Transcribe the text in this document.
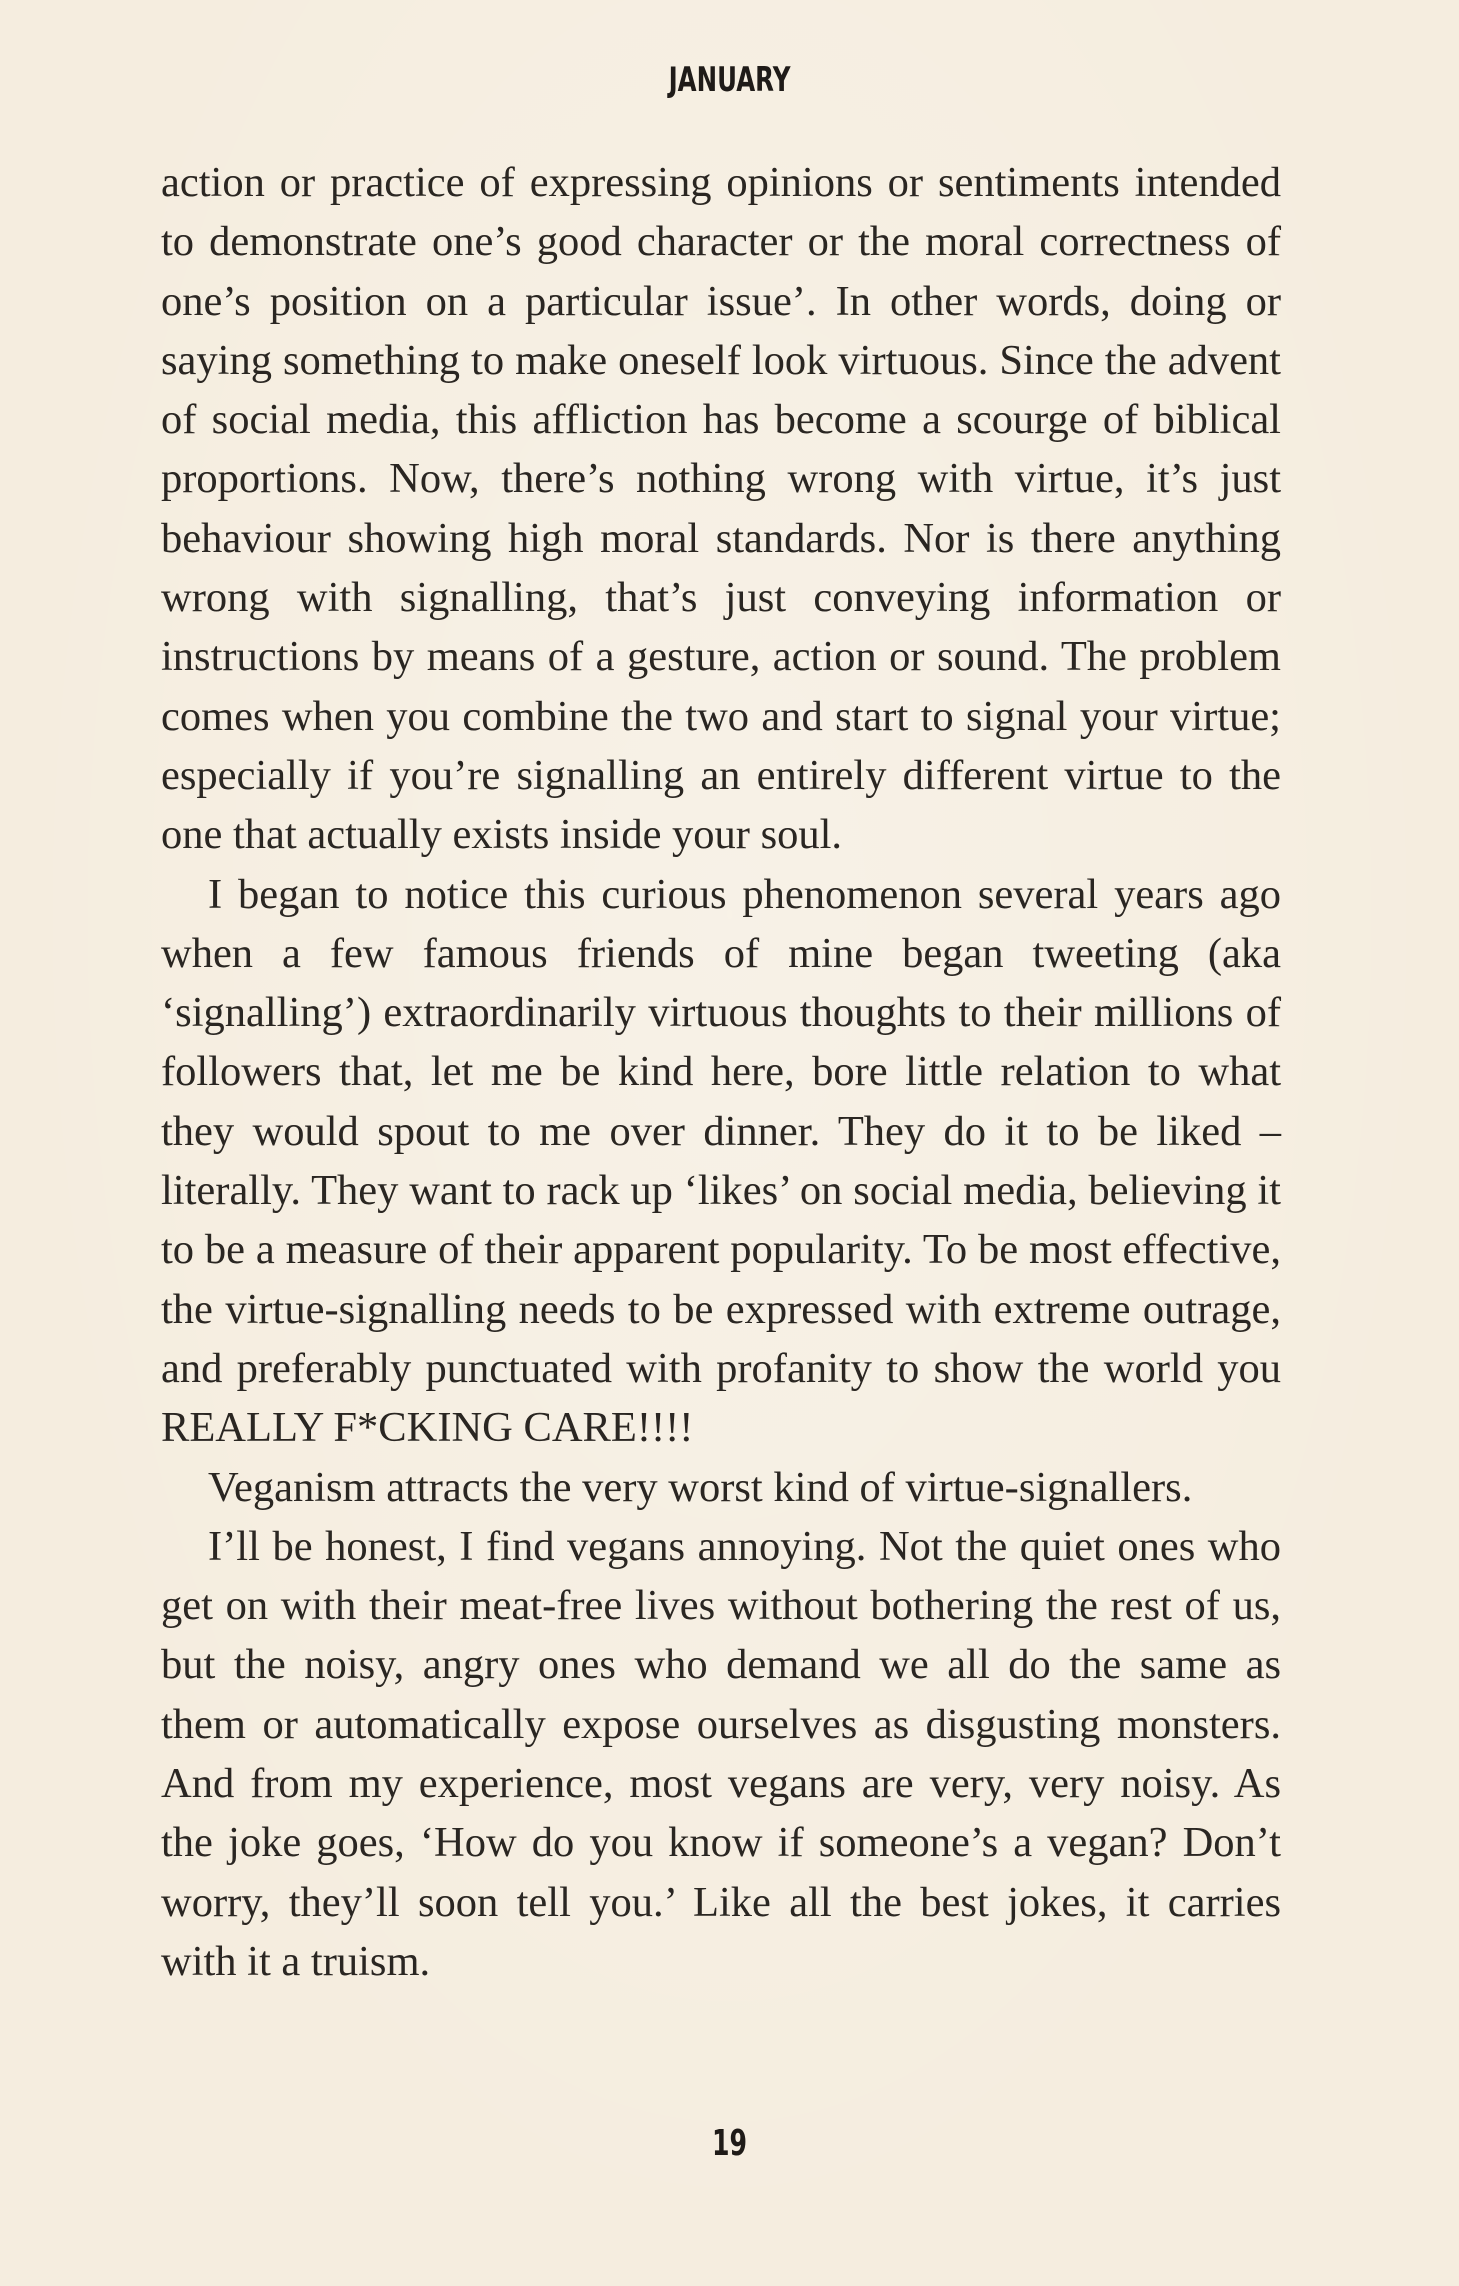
JANUARY

action or practice of expressing opinions or sentiments intended to demonstrate one’s good character or the moral correctness of one’s position on a particular issue’. In other words, doing or saying something to make oneself look virtuous. Since the advent of social media, this affliction has become a scourge of biblical proportions. Now, there’s nothing wrong with virtue, it’s just behaviour showing high moral standards. Nor is there anything wrong with signalling, that’s just conveying information or instructions by means of a gesture, action or sound. The problem comes when you combine the two and start to signal your virtue; especially if you’re signalling an entirely different virtue to the one that actually exists inside your soul.

I began to notice this curious phenomenon several years ago when a few famous friends of mine began tweeting (aka ‘signalling’) extraordinarily virtuous thoughts to their millions of followers that, let me be kind here, bore little relation to what they would spout to me over dinner. They do it to be liked – literally. They want to rack up ‘likes’ on social media, believing it to be a measure of their apparent popularity. To be most effective, the virtue-signalling needs to be expressed with extreme outrage, and preferably punctuated with profanity to show the world you REALLY F*CKING CARE!!!!

Veganism attracts the very worst kind of virtue-signallers.

I’ll be honest, I find vegans annoying. Not the quiet ones who get on with their meat-free lives without bothering the rest of us, but the noisy, angry ones who demand we all do the same as them or automatically expose ourselves as disgusting monsters. And from my experience, most vegans are very, very noisy. As the joke goes, ‘How do you know if someone’s a vegan? Don’t worry, they’ll soon tell you.’ Like all the best jokes, it carries with it a truism.

19
